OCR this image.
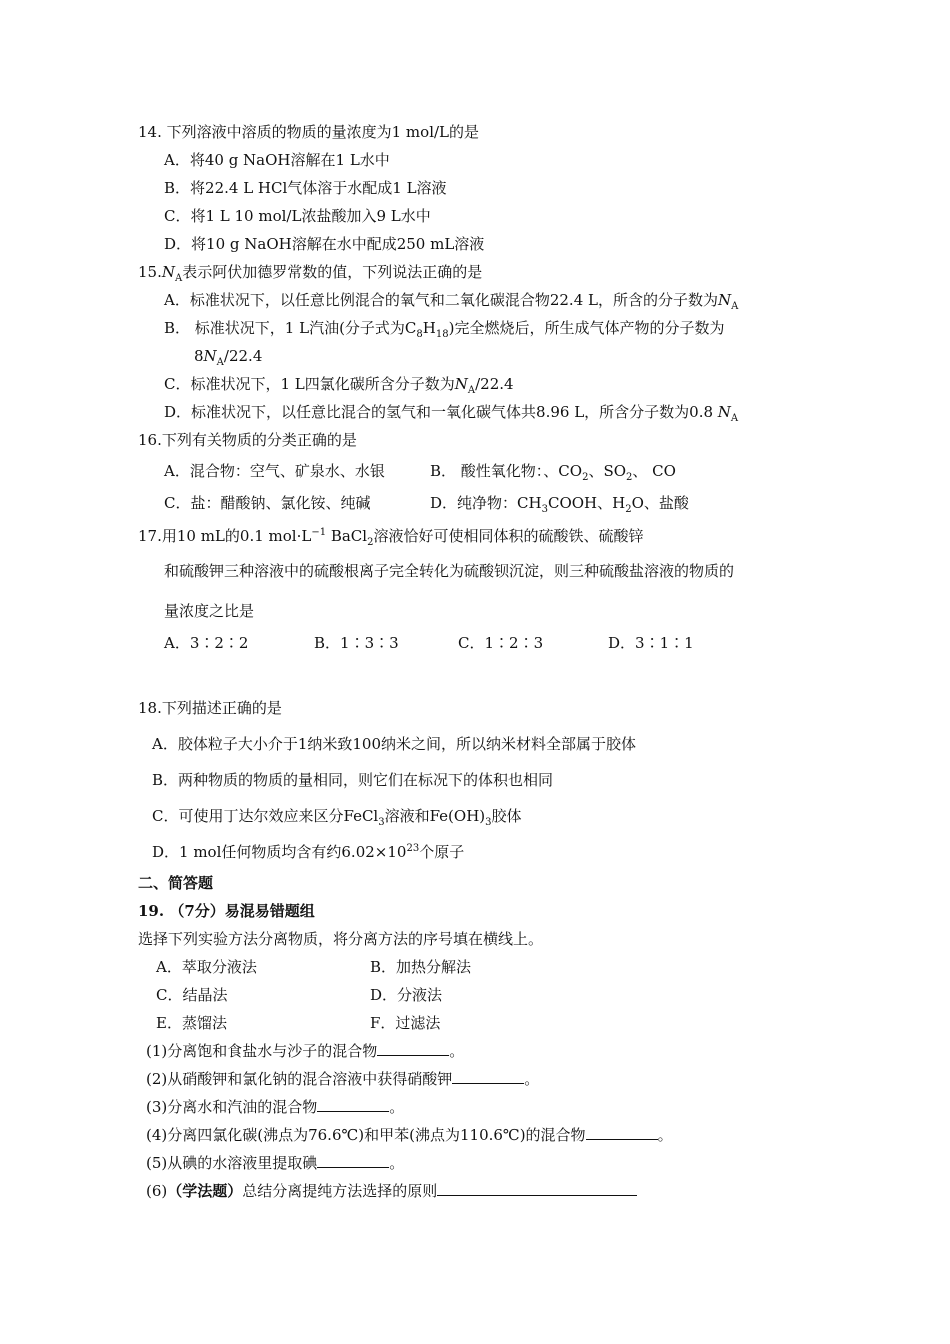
14. 下列溶液中溶质的物质的量浓度为1 mol/L的是
A．将40 g NaOH溶解在1 L水中
B．将22.4 L HCl气体溶于水配成1 L溶液
C．将1 L 10 mol/L浓盐酸加入9 L水中
D．将10 g NaOH溶解在水中配成250 mL溶液
$15.N_A$表示阿伏加德罗常数的值，下列说法正确的是
A．标准状况下，以任意比例混合的氧气和二氧化碳混合物22.4 L，所含的分子数为$N_A$
B． 标准状况下，1 L汽油(分子式为$C_8H_{18}$)完全燃烧后，所生成气体产物的分子数为
$8N_A/22.4$
C．标准状况下，1 L四氯化碳所含分子数为$N_A/22.4$
D．标准状况下，以任意比混合的氢气和一氧化碳气体共8.96 L，所含分子数为0.8 $N_A$
16.下列有关物质的分类正确的是
A．混合物：空气、矿泉水、水银	B． 酸性氧化物：、$CO_2$、$SO_2$、 CO
C．盐：醋酸钠、氯化铵、纯碱	D．纯净物：$CH_3COOH$、$H_2O$、盐酸
17.用10 mL的0.1 $mol\cdot L^{-1}$ BaCl$_2$溶液恰好可使相同体积的硫酸铁、硫酸锌
和硫酸钾三种溶液中的硫酸根离子完全转化为硫酸钡沉淀，则三种硫酸盐溶液的物质的
量浓度之比是
A．3∶2∶2	B．1∶3∶3	C．1∶2∶3	D．3∶1∶1
18.下列描述正确的是
A．胶体粒子大小介于1纳米致100纳米之间，所以纳米材料全部属于胶体
B．两种物质的物质的量相同，则它们在标况下的体积也相同
C．可使用丁达尔效应来区分FeCl$_3$溶液和$Fe(OH)_3$胶体
D．1 mol任何物质均含有约$6.02\times 10^{23}$个原子
二、简答题
19. （7分）易混易错题组
选择下列实验方法分离物质，将分离方法的序号填在横线上。
A．萃取分液法	B．加热分解法
C．结晶法	D．分液法
E．蒸馏法	F．过滤法
(1)分离饱和食盐水与沙子的混合物	。
(2)从硝酸钾和氯化钠的混合溶液中获得硝酸钾	。
(3)分离水和汽油的混合物	。
(4)分离四氯化碳(沸点为76.6℃)和甲苯(沸点为110.6℃)的混合物	。
(5)从碘的水溶液里提取碘	。
(6)（学法题）总结分离提纯方法选择的原则
